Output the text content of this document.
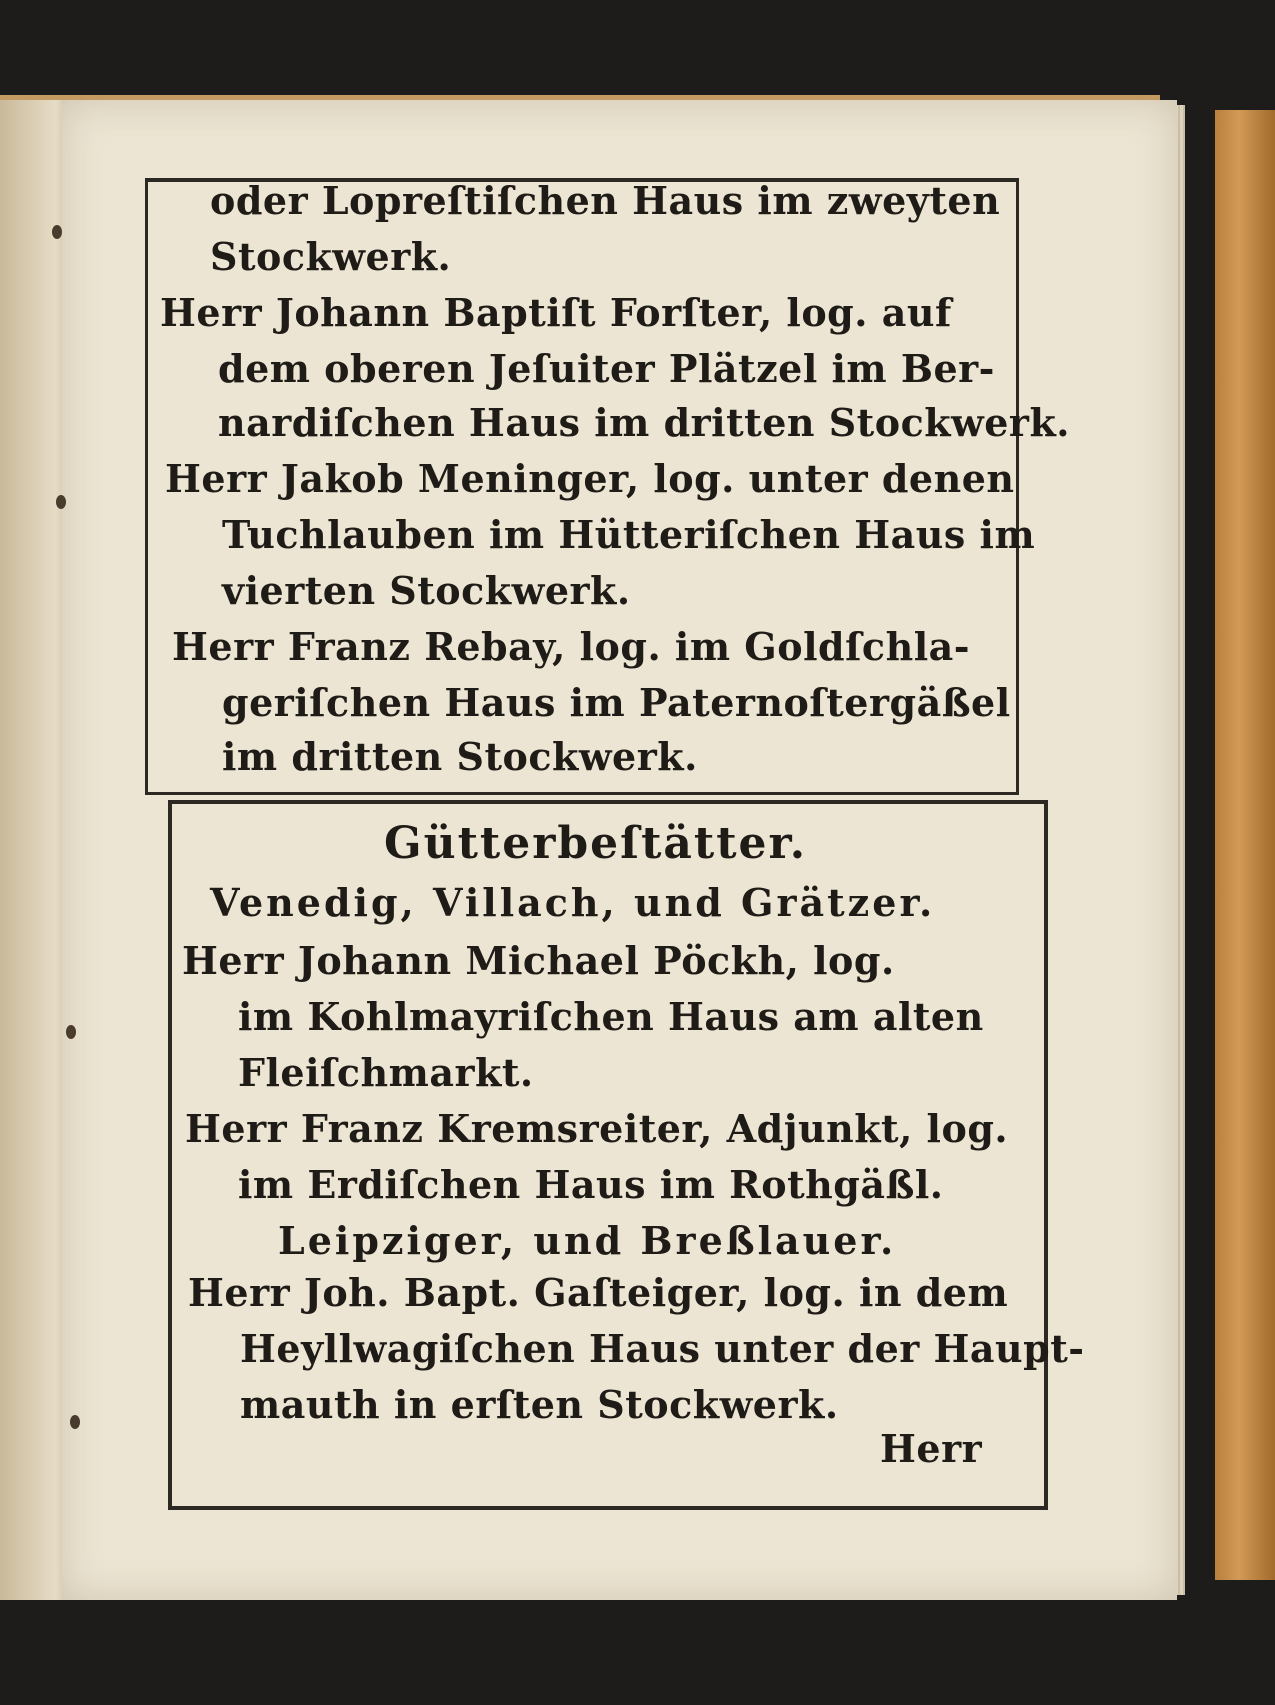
oder Lopreſtiſchen Haus im zweyten
Stockwerk.
Herr Johann Baptiſt Forſter, log. auf
dem oberen Jeſuiter Plätzel im Ber-
nardiſchen Haus im dritten Stockwerk.
Herr Jakob Meninger, log. unter denen
Tuchlauben im Hütteriſchen Haus im
vierten Stockwerk.
Herr Franz Rebay, log. im Goldſchla-
geriſchen Haus im Paternoſtergäßel
im dritten Stockwerk.
Gütterbeſtätter.
Venedig, Villach, und Grätzer.
Herr Johann Michael Pöckh, log.
im Kohlmayriſchen Haus am alten
Fleiſchmarkt.
Herr Franz Kremsreiter, Adjunkt, log.
im Erdiſchen Haus im Rothgäßl.
Leipziger, und Breßlauer.
Herr Joh. Bapt. Gaſteiger, log. in dem
Heyllwagiſchen Haus unter der Haupt-
mauth in erſten Stockwerk.
Herr
